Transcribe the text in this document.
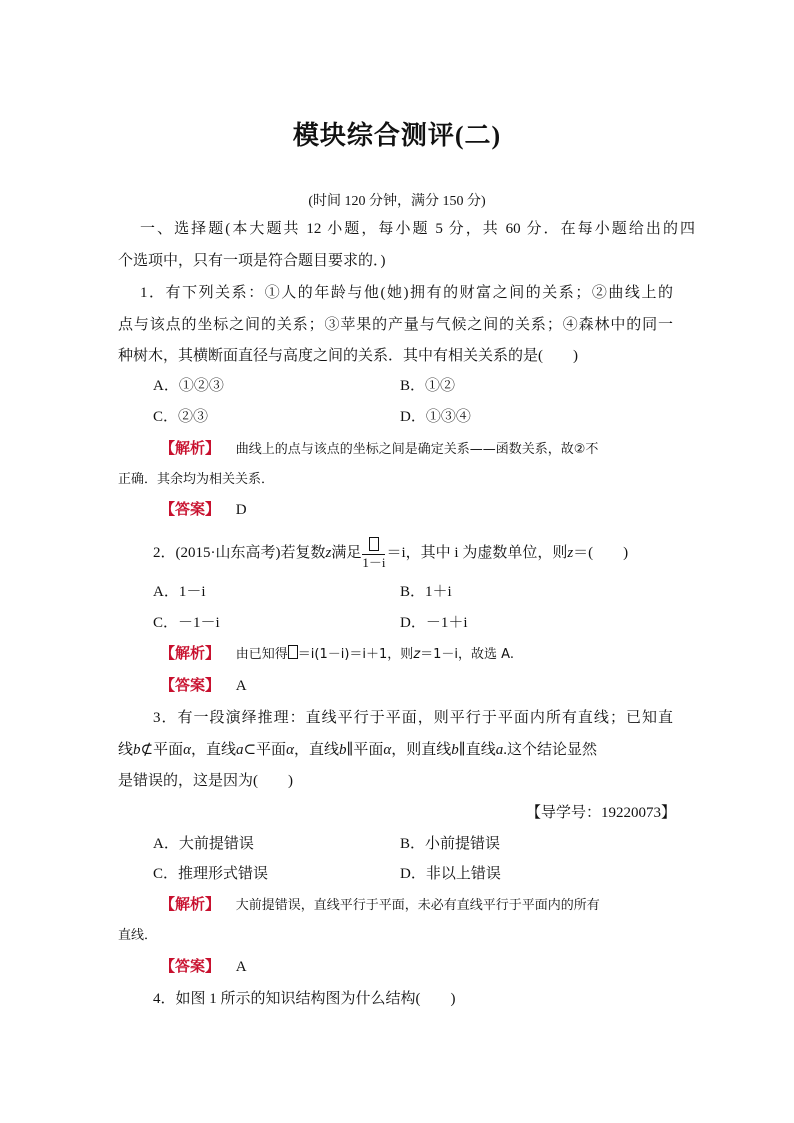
模块综合测评(二)
(时间 120 分钟，满分 150 分)
一、选择题(本大题共 12 小题，每小题 5 分，共 60 分．在每小题给出的四
个选项中，只有一项是符合题目要求的．)
1．有下列关系：①人的年龄与他(她)拥有的财富之间的关系；②曲线上的
点与该点的坐标之间的关系；③苹果的产量与气候之间的关系；④森林中的同一
种树木，其横断面直径与高度之间的关系．其中有相关关系的是(　　)
A．①②③	B．①②
C．②③	D．①③④
【解析】 曲线上的点与该点的坐标之间是确定关系——函数关系，故②不
正确．其余均为相关关系．
【答案】 D
2．(2015·山东高考)若复数z满足
1－i
＝i，其中 i 为虚数单位，则z＝(　　)
A．1－i	B．1＋i
C．－1－i	D．－1＋i
【解析】 由已知得 ＝i(1－i)＝i＋1，则z＝1－i，故选 A.
【答案】 A
3．有一段演绎推理：直线平行于平面，则平行于平面内所有直线；已知直
线b⊄平面α，直线a⊂平面α，直线b∥平面α，则直线b∥直线a.这个结论显然
是错误的，这是因为(　　)
【导学号：19220073】
A．大前提错误	B．小前提错误
C．推理形式错误	D．非以上错误
【解析】 大前提错误，直线平行于平面，未必有直线平行于平面内的所有
直线．
【答案】 A
4．如图 1 所示的知识结构图为什么结构(　　)
